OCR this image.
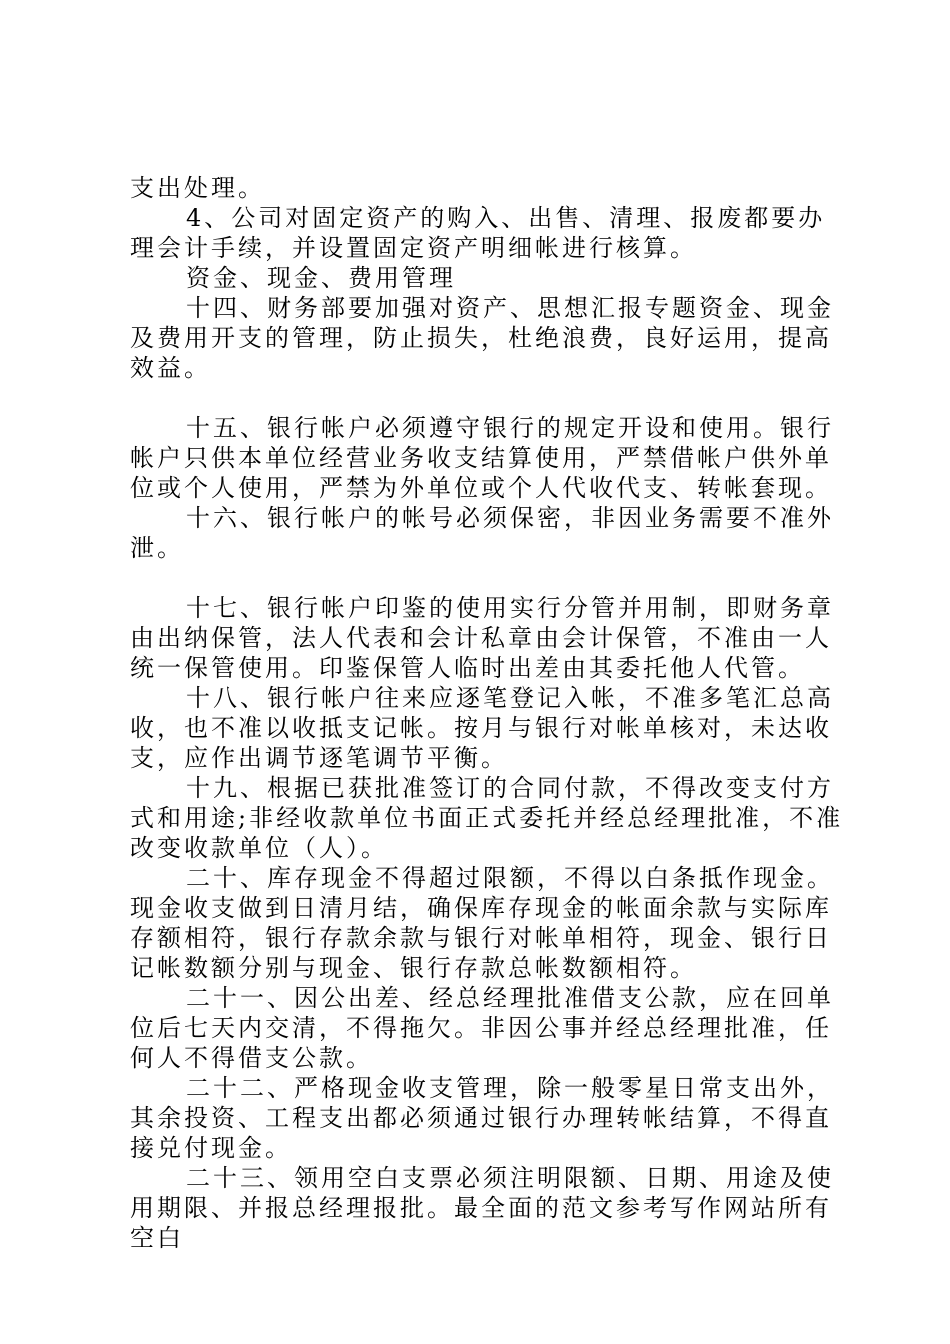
支出处理。

4、公司对固定资产的购入、出售、清理、报废都要办理会计手续，并设置固定资产明细帐进行核算。

资金、现金、费用管理

十四、财务部要加强对资产、思想汇报专题资金、现金及费用开支的管理，防止损失，杜绝浪费，良好运用，提高效益。

十五、银行帐户必须遵守银行的规定开设和使用。银行帐户只供本单位经营业务收支结算使用，严禁借帐户供外单位或个人使用，严禁为外单位或个人代收代支、转帐套现。

十六、银行帐户的帐号必须保密，非因业务需要不准外泄。

十七、银行帐户印鉴的使用实行分管并用制，即财务章由出纳保管，法人代表和会计私章由会计保管，不准由一人统一保管使用。印鉴保管人临时出差由其委托他人代管。

十八、银行帐户往来应逐笔登记入帐，不准多笔汇总高收，也不准以收抵支记帐。按月与银行对帐单核对，未达收支，应作出调节逐笔调节平衡。

十九、根据已获批准签订的合同付款，不得改变支付方式和用途;非经收款单位书面正式委托并经总经理批准，不准改变收款单位（人）。

二十、库存现金不得超过限额，不得以白条抵作现金。现金收支做到日清月结，确保库存现金的帐面余款与实际库存额相符，银行存款余款与银行对帐单相符，现金、银行日记帐数额分别与现金、银行存款总帐数额相符。

二十一、因公出差、经总经理批准借支公款，应在回单位后七天内交清，不得拖欠。非因公事并经总经理批准，任何人不得借支公款。

二十二、严格现金收支管理，除一般零星日常支出外，其余投资、工程支出都必须通过银行办理转帐结算，不得直接兑付现金。

二十三、领用空白支票必须注明限额、日期、用途及使用期限、并报总经理报批。最全面的范文参考写作网站所有空白
